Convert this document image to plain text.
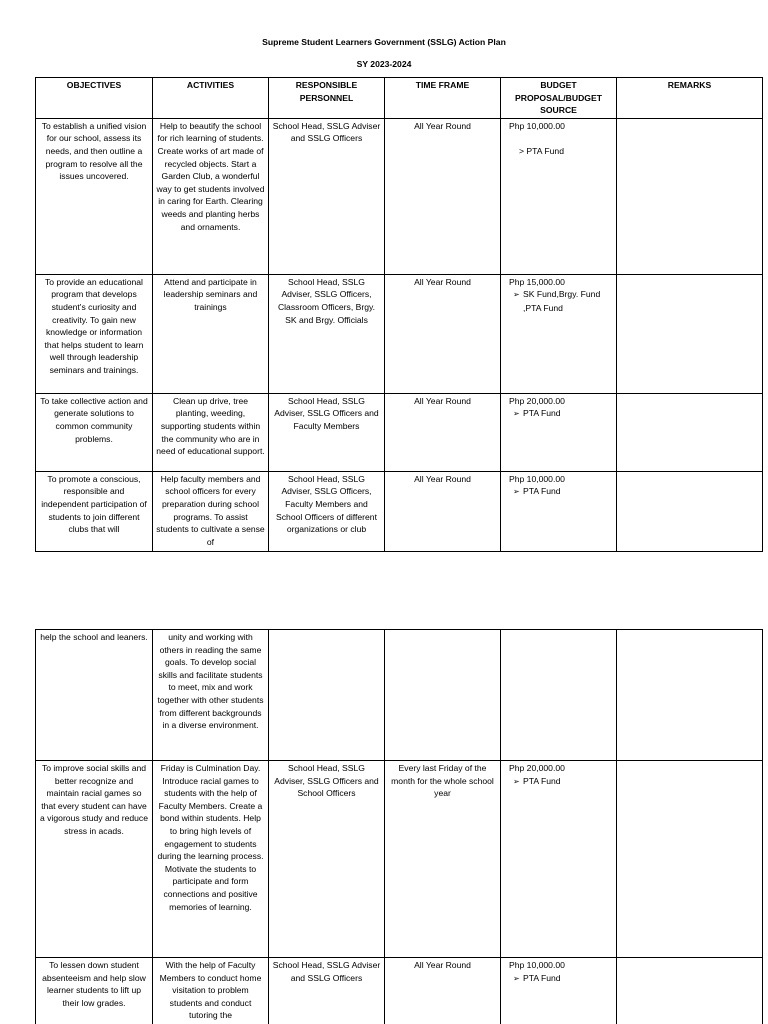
Supreme Student Learners Government (SSLG) Action Plan
SY 2023-2024
OBJECTIVES	ACTIVITIES	RESPONSIBLE PERSONNEL	TIME FRAME	BUDGET PROPOSAL/BUDGET SOURCE	REMARKS
To establish a unified vision for our school, assess its needs, and then outline a program to resolve all the issues uncovered.	Help to beautify the school for rich learning of students. Create works of art made of recycled objects. Start a Garden Club, a wonderful way to get students involved in caring for Earth. Clearing weeds and planting herbs and ornaments.	School Head, SSLG Adviser and SSLG Officers	All Year Round	Php 10,000.00
> PTA Fund	

To provide an educational program that develops student's curiosity and creativity. To gain new knowledge or information that helps student to learn well through leadership seminars and trainings.	Attend and participate in leadership seminars and trainings	School Head, SSLG Adviser, SSLG Officers, Classroom Officers, Brgy. SK and Brgy. Officials	All Year Round	Php 15,000.00
➢ SK Fund,Brgy. Fund ,PTA Fund	

To take collective action and generate solutions to common community problems.	Clean up drive, tree planting, weeding, supporting students within the community who are in need of educational support.	School Head, SSLG Adviser, SSLG Officers and Faculty Members	All Year Round	Php 20,000.00
➢ PTA Fund	

To promote a conscious, responsible and independent participation of students to join different clubs that will	Help faculty members and school officers for every preparation during school programs. To assist students to cultivate a sense of	School Head, SSLG Adviser, SSLG Officers, Faculty Members and School Officers of different organizations or club	All Year Round	Php 10,000.00
➢ PTA Fund	

help the school and leaners.	unity and working with others in reading the same goals. To develop social skills and facilitate students to meet, mix and work together with other students from different backgrounds in a diverse environment.				
To improve social skills and better recognize and maintain racial games so that every student can have a vigorous study and reduce stress in acads.	Friday is Culmination Day. Introduce racial games to students with the help of Faculty Members. Create a bond within students. Help to bring high levels of engagement to students during the learning process. Motivate the students to participate and form connections and positive memories of learning.	School Head, SSLG Adviser, SSLG Officers and School Officers	Every last Friday of the month for the whole school year	Php 20,000.00
➢ PTA Fund	

To lessen down student absenteeism and help slow learner students to lift up their low grades.	With the help of Faculty Members to conduct home visitation to problem students and conduct tutoring the	School Head, SSLG Adviser and SSLG Officers	All Year Round	Php 10,000.00
➢ PTA Fund	
